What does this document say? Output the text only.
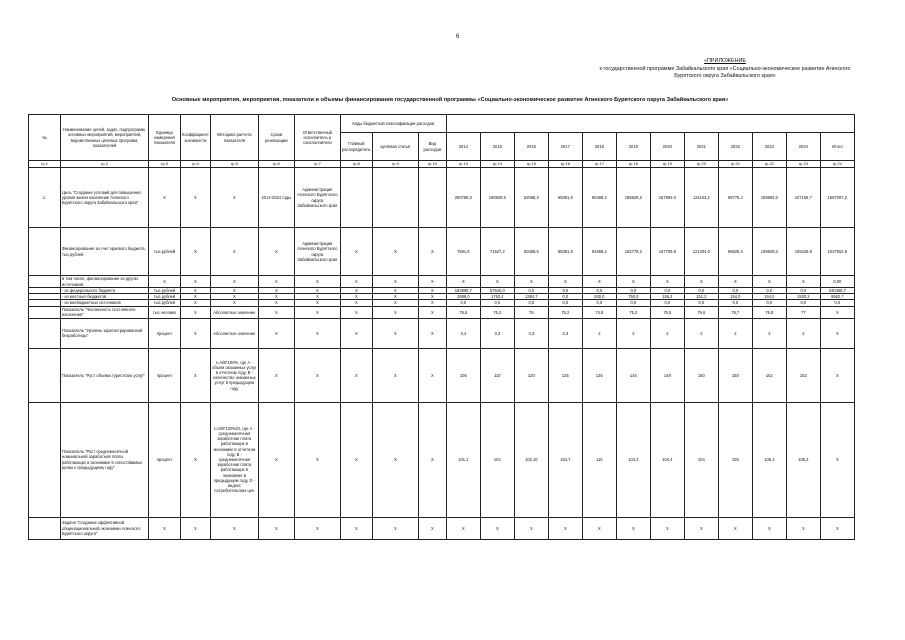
6
«ПРИЛОЖЕНИЕ
к государственной программе Забайкальского края «Социально-экономическое развитие Агинского
Бурятского округа Забайкальского края»
Основные мероприятия, мероприятия, показатели и объемы финансирования государственной программы «Социально-экономическое развитие Агинского Бурятского округа Забайкальского края»
№	Наименование целей, задач, подпрограмм, основных мероприятий, мероприятий, ведомственных целевых программ, показателей	Единица измерения показателя	Коэффициент значимости	Методика расчета показателя	Сроки реализации	Ответственный исполнитель и соисполнители	Коды бюджетной классификации расходов														
							Главный распорядитель	Целевая статья	Вид расходов	2014	2015	2016	2017	2018	2019	2020	2021	2022	2023	2024	Итого
гр.1	гр.2	гр.3	гр.4	гр.5	гр.6	гр.7	гр.8	гр.9	гр.10	гр.13	гр.14	гр.15	гр.16	гр.17	гр.18	гр.19	гр.20	гр.21	гр.22	гр.23	гр.24
1.	Цель "Создание условий для повышения уровня жизни населения Агинского Бурятского округа Забайкальского края"	Х	Х	Х	2014-2024 годы	Администрация Агинского Бурятского округа Забайкальского края				260788,3	190929,6	62068,3	68381,9	85489,2	185528,2	167893,0	121163,2	98775,4	109983,0	107159,7	1587097,2
	Финансирование за счет краевого бюджета, тыс.рублей	тыс.рублей	Х	Х	Х	Администрация Агинского Бурятского округа Забайкальского края	Х	Х	Х	7591,6	71527,2	60468,6	68381,9	84559,2	182778,2	167709,8	121004,0	98625,4	109829,0	105228,9	1037062,9
	в том числе, финансирование из других источников	Х	Х	Х	Х	Х	Х	Х	Х	Х	Х	Х	Х	Х	Х	Х	Х	Х	Х	Х	0,00
	- из федерального бюджета	тыс.рублей	Х	Х	Х	Х	Х	Х	Х	182898,7	57640,0	0,0	0,0	0,0	0,0	0,0	0,0	0,0	0,0	0,0	240468,7
	- из местных бюджетов	тыс.рублей	Х	Х	Х	Х	Х	Х	Х	2898,0	1762,4	1384,7	0,0	930,0	750,0	156,2	151,2	154,0	154,0	1930,2	9562,7
	- из внебюджетных источников	тыс.рублей	Х	Х	Х	Х	Х	Х	Х	0,0	0,0	0,0	0,0	0,0	0,0	0,0	0,0	0,0	0,0	0,0	0,0
	Показатель "Численность постоянного населения"	тыс.человек	Х	Абсолютное значение	Х	Х	Х	Х	Х	76,5	76,2	76	75,2	74,8	75,2	76,5	76,6	76,7	76,8	77	Х
	Показатель "Уровень зарегистрированной безработицы"	процент	Х	Абсолютное значение	Х	Х	Х	Х	Х	3,4	3,3	3,3	2,3	2	2	2	2	2	2	2	Х
	Показатель "Рост объема туристских услуг"	процент	Х	I=A/B*100%, где А - объем оказанных услуг в отчетном году, В - количество оказанных услуг в предыдущем году	Х	Х	Х	Х	Х	105	110	120	125	135	145	148	150	150	152	152	Х
	Показатель "Рост среднемесячной номинальной заработной платы работающих в экономике в сопоставимых ценах к предыдущему году"	процент	Х	I=A/B*100%/D, где А - среднемесячная заработная плата работающих в экономике в отчетном году, В - среднемесячная заработная плата работающих в экономике в предыдущем году, D - индекс потребительских цен	Х	Х	Х	Х	Х	101,1	102	102,10	104,7	110	103,3	104,4	104	105	105,1	105,3	Х
	Задача "Создание эффективной общенациональной экономики Агинского Бурятского округа"	Х	Х	Х	Х	Х	Х	Х	Х	Х	Х	Х	Х	Х	Х	Х	Х	Х	Х	Х	Х
